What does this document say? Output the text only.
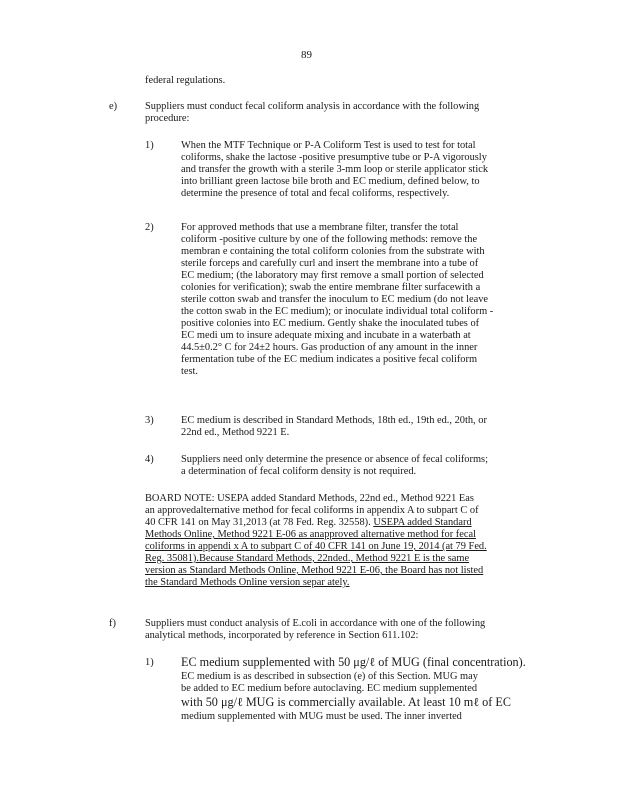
89
federal regulations.
e)	Suppliers must conduct fecal coliform analysis in accordance with the following
procedure:
1)	When the MTF Technique or P-A Coliform Test is used to test for total
coliforms, shake the lactose -positive presumptive tube or P-A vigorously
and transfer the growth with a sterile 3-mm loop or sterile applicator stick
into brilliant green lactose bile broth and EC medium, defined below, to
determine the presence of total and fecal coliforms, respectively.
2)	For approved methods that use a membrane filter, transfer the total
coliform -positive culture by one of the following methods: remove the
membran e containing the total coliform colonies from the substrate with
sterile forceps and carefully curl and insert the membrane into a tube of
EC medium; (the laboratory may first remove a small portion of selected
colonies for verification); swab the entire membrane filter surfacewith a
sterile cotton swab and transfer the inoculum to EC medium (do not leave
the cotton swab in the EC medium); or inoculate individual total coliform -
positive colonies into EC medium. Gently shake the inoculated tubes of
EC medi um to insure adequate mixing and incubate in a waterbath at
44.5±0.2° C for 24±2 hours. Gas production of any amount in the inner
fermentation tube of the EC medium indicates a positive fecal coliform
test.
3)	EC medium is described in Standard Methods, 18th ed., 19th ed., 20th, or
22nd ed., Method 9221 E.
4)	Suppliers need only determine the presence or absence of fecal coliforms;
a determination of fecal coliform density is not required.
BOARD NOTE: USEPA added Standard Methods, 22nd ed., Method 9221 Eas
an approvedalternative method for fecal coliforms in appendix A to subpart C of
40 CFR 141 on May 31,2013 (at 78 Fed. Reg. 32558). USEPA added Standard
Methods Online, Method 9221 E-06 as anapproved alternative method for fecal
coliforms in appendi x A to subpart C of 40 CFR 141 on June 19, 2014 (at 79 Fed.
Reg. 35081).Because Standard Methods, 22nded., Method 9221 E is the same
version as Standard Methods Online, Method 9221 E-06, the Board has not listed
the Standard Methods Online version separ ately.
f)	Suppliers must conduct analysis of E.coli in accordance with one of the following
analytical methods, incorporated by reference in Section 611.102:
1) EC medium supplemented with 50 μg/ℓ of MUG (final concentration).
EC medium is as described in subsection (e) of this Section. MUG may
be added to EC medium before autoclaving. EC medium supplemented
with 50 μg/ℓ MUG is commercially available. At least 10 mℓ of EC
medium supplemented with MUG must be used. The inner inverted
